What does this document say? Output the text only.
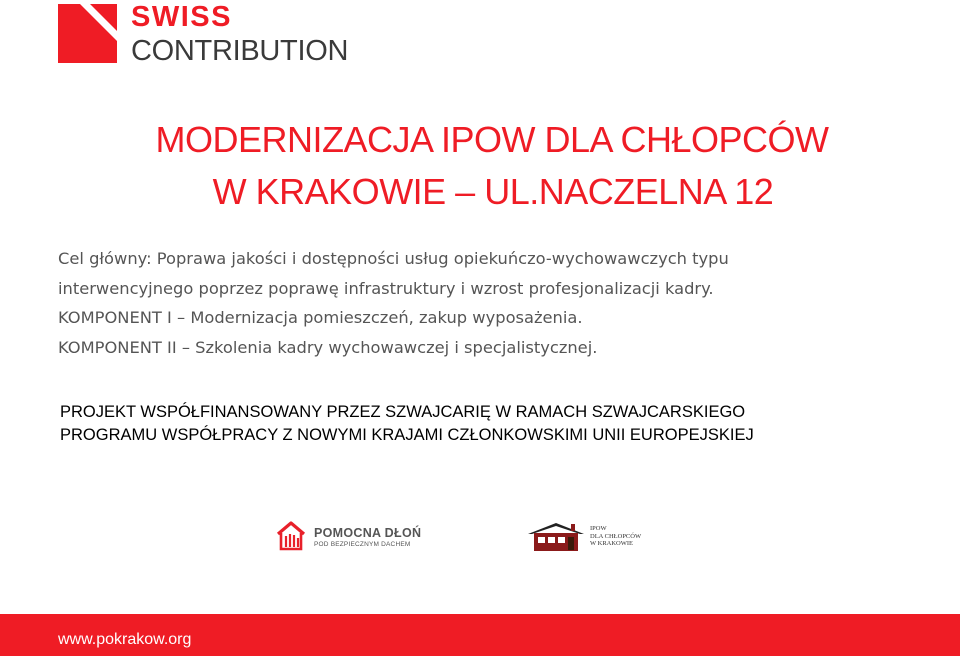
SWISS
CONTRIBUTION
MODERNIZACJA IPOW DLA CHŁOPCÓW
W KRAKOWIE – UL.NACZELNA 12
Cel główny: Poprawa jakości i dostępności usług opiekuńczo-wychowawczych typu
interwencyjnego poprzez poprawę infrastruktury i wzrost profesjonalizacji kadry.
KOMPONENT I – Modernizacja pomieszczeń, zakup wyposażenia.
KOMPONENT II – Szkolenia kadry wychowawczej i specjalistycznej.
PROJEKT WSPÓŁFINANSOWANY PRZEZ SZWAJCARIĘ W RAMACH SZWAJCARSKIEGO
PROGRAMU WSPÓŁPRACY Z NOWYMI KRAJAMI CZŁONKOWSKIMI UNII EUROPEJSKIEJ
POMOCNA DŁOŃ
POD BEZPIECZNYM DACHEM
IPOW
DLA CHŁOPCÓW
W KRAKOWIE
www.pokrakow.org
